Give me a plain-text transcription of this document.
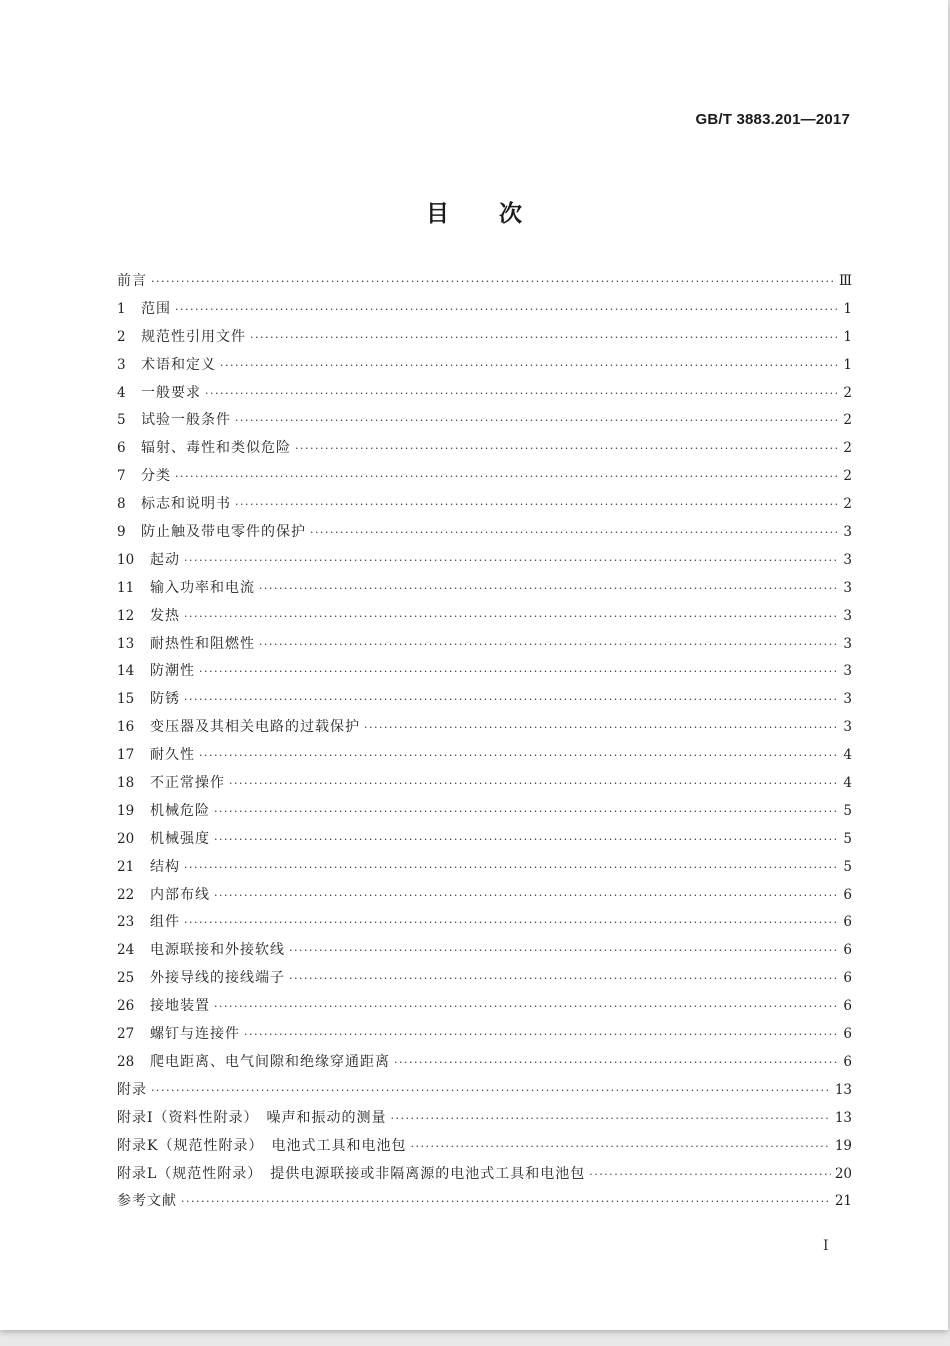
GB/T 3883.201—2017
目次
前言 ·····	Ⅲ
1	范围 ·····	1
2	规范性引用文件 ·····	1
3	术语和定义 ·····	1
4	一般要求 ·····	2
5	试验一般条件 ·····	2
6	辐射、毒性和类似危险 ·····	2
7	分类 ·····	2
8	标志和说明书 ·····	2
9	防止触及带电零件的保护 ·····	3
10	起动 ·····	3
11	输入功率和电流 ·····	3
12	发热 ·····	3
13	耐热性和阻燃性 ·····	3
14	防潮性 ·····	3
15	防锈 ·····	3
16	变压器及其相关电路的过载保护 ·····	3
17	耐久性 ·····	4
18	不正常操作 ·····	4
19	机械危险 ·····	5
20	机械强度 ·····	5
21	结构 ·····	5
22	内部布线 ·····	6
23	组件 ·····	6
24	电源联接和外接软线 ·····	6
25	外接导线的接线端子 ·····	6
26	接地装置 ·····	6
27	螺钉与连接件 ·····	6
28	爬电距离、电气间隙和绝缘穿通距离 ·····	6
附录 ·····	13
附录I（资料性附录）　噪声和振动的测量 ·····	13
附录K（规范性附录）　电池式工具和电池包 ·····	19
附录L（规范性附录）　提供电源联接或非隔离源的电池式工具和电池包 ·····	20
参考文献 ·····	21
I
